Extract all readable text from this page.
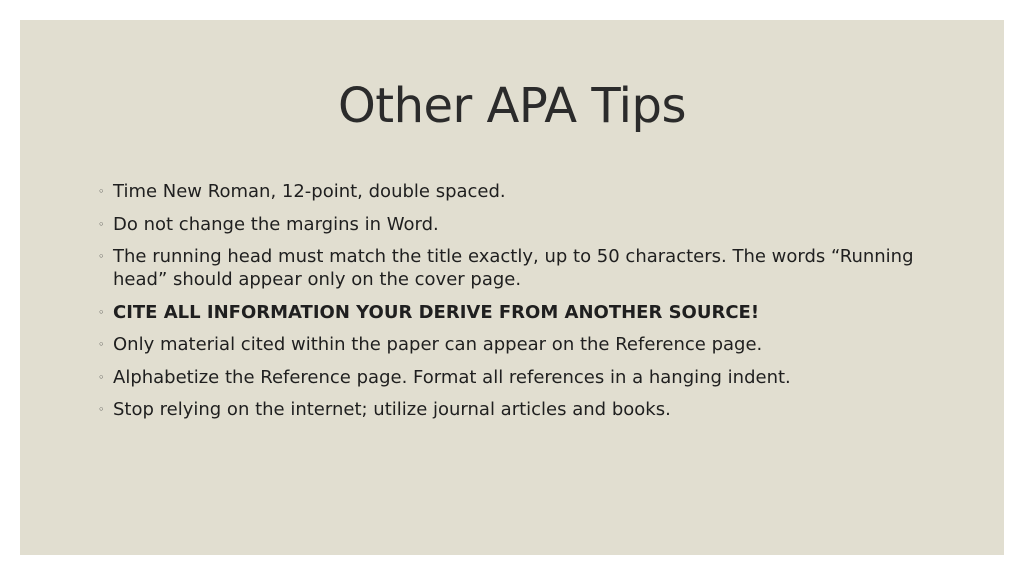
Other APA Tips
◦ Time New Roman, 12-point, double spaced.
◦ Do not change the margins in Word.
◦ The running head must match the title exactly, up to 50 characters. The words “Running head” should appear only on the cover page.
◦ CITE ALL INFORMATION YOUR DERIVE FROM ANOTHER SOURCE!
◦ Only material cited within the paper can appear on the Reference page.
◦ Alphabetize the Reference page. Format all references in a hanging indent.
◦ Stop relying on the internet; utilize journal articles and books.
